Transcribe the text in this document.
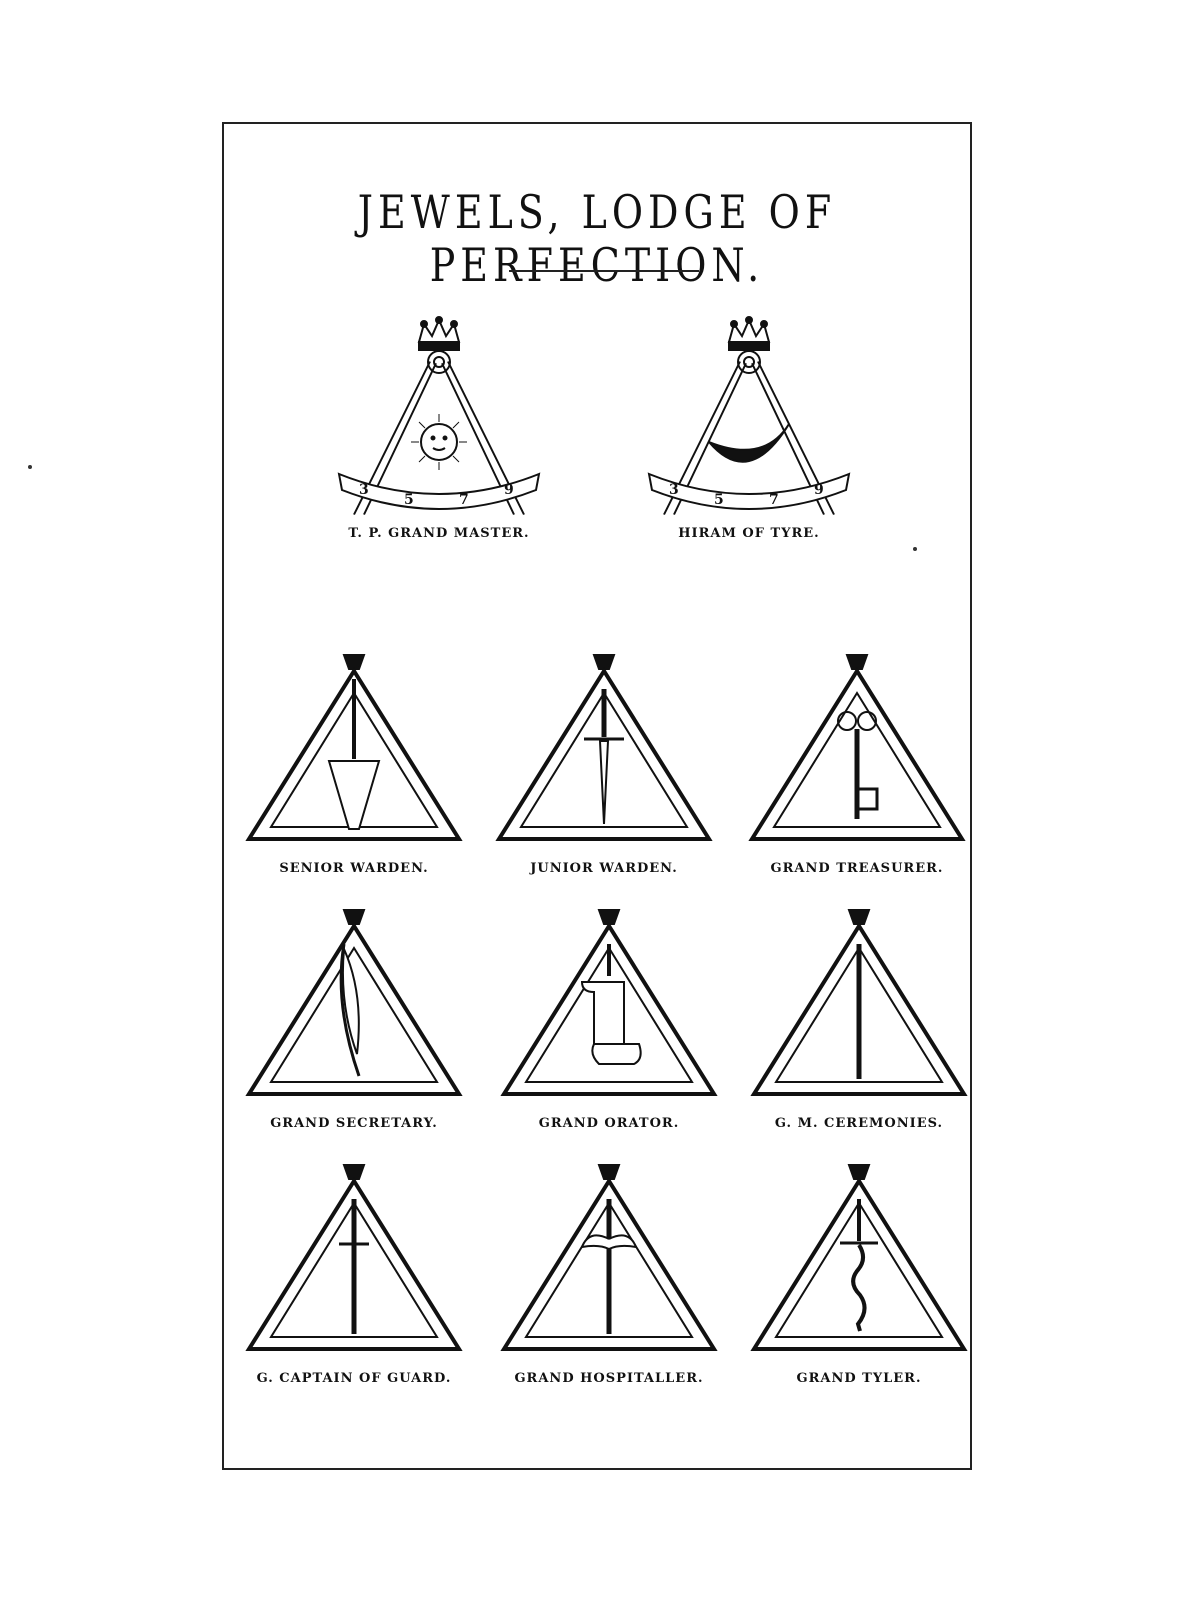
JEWELS, LODGE OF PERFECTION.
3
5	7
9
T. P. GRAND MASTER.
3
5	7
9
HIRAM OF TYRE.
SENIOR WARDEN.	JUNIOR WARDEN.	GRAND TREASURER.
GRAND SECRETARY.	GRAND ORATOR.	G. M. CEREMONIES.
G. CAPTAIN OF GUARD.	GRAND HOSPITALLER.	GRAND TYLER.
